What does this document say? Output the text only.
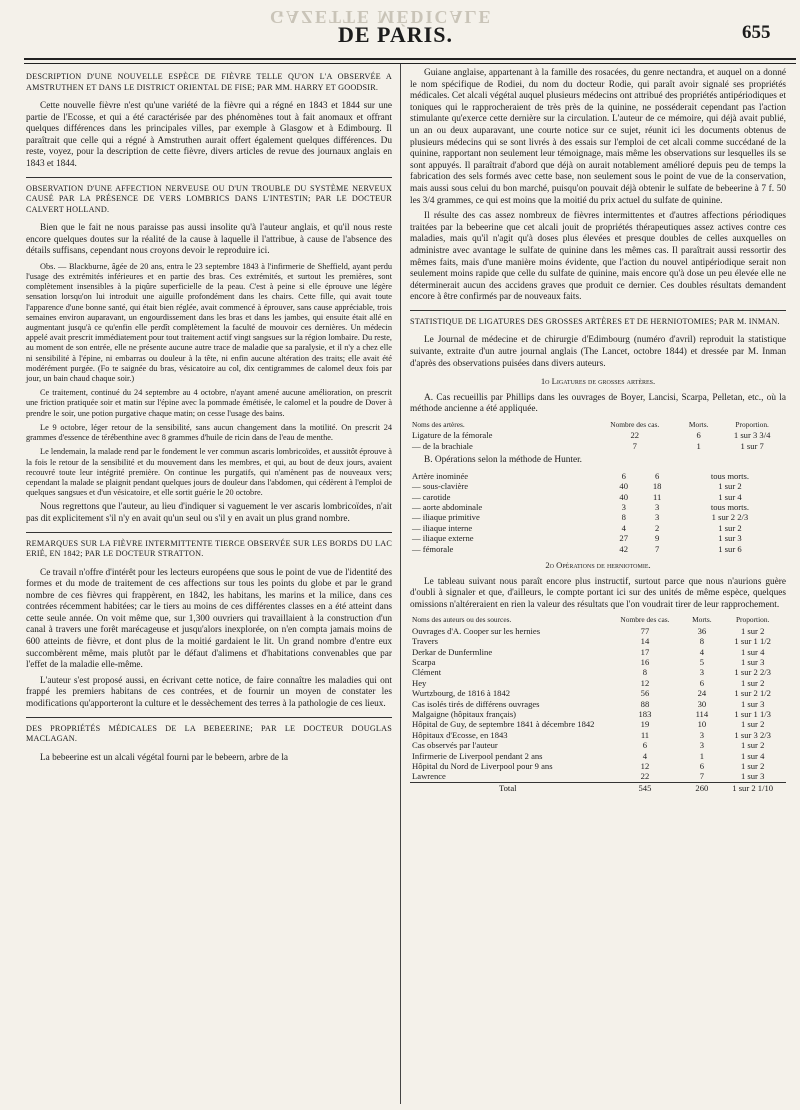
GAZETTE MÉDICALE
DE PARIS.	655
DESCRIPTION D'UNE NOUVELLE ESPÈCE DE FIÈVRE TELLE QU'ON L'A OBSERVÉE A AMSTRUTHEN ET DANS LE DISTRICT ORIENTAL DE FISE; PAR MM. HARRY ET GOODSIR.

Cette nouvelle fièvre n'est qu'une variété de la fièvre qui a régné en 1843 et 1844 sur une partie de l'Ecosse, et qui a été caractérisée par des phénomènes tout à fait anomaux et offrant quelques différences dans les principales villes, par exemple à Glasgow et à Edimbourg. Il paraîtrait que celle qui a régné à Amstruthen aurait offert également quelques différences. Du reste, voyez, pour la description de cette fièvre, divers articles de revue des journaux anglais en 1843 et 1844.

OBSERVATION D'UNE AFFECTION NERVEUSE OU D'UN TROUBLE DU SYSTÈME NERVEUX CAUSÉ PAR LA PRÉSENCE DE VERS LOMBRICS DANS L'INTESTIN; PAR LE DOCTEUR CALVERT HOLLAND.

Bien que le fait ne nous paraisse pas aussi insolite qu'à l'auteur anglais, et qu'il nous reste encore quelques doutes sur la réalité de la cause à laquelle il l'attribue, à cause de l'absence des détails suffisans, cependant nous croyons devoir le reproduire ici.

Obs. — Blackburne, âgée de 20 ans, entra le 23 septembre 1843 à l'infirmerie de Sheffield, ayant perdu l'usage des extrémités inférieures et en partie des bras. Ces extrémités, et surtout les premières, sont complètement insensibles à la piqûre superficielle de la peau. C'est à peine si elle éprouve une légère sensation lorsqu'on lui introduit une aiguille profondément dans les chairs. Cette fille, qui avait toute l'apparence d'une bonne santé, qui était bien réglée, avait commencé à éprouver, sans cause appréciable, trois semaines environ auparavant, un engourdissement dans les bras et dans les jambes, qui ensuite était allé en augmentant jusqu'à ce qu'enfin elle perdît complètement la faculté de mouvoir ces dernières. Un médecin appelé avait prescrit immédiatement pour tout traitement actif vingt sangsues sur la région lombaire. Du reste, au moment de son entrée, elle ne présente aucune autre trace de maladie que sa paralysie, et il n'y a chez elle ni sensibilité à l'épine, ni embarras ou douleur à la tête, ni enfin aucune altération des traits; elle avait été modérément purgée. (Fo te saignée du bras, vésicatoire au col, dix centigrammes de calomel deux fois par jour, un bain chaud chaque soir.)

Ce traitement, continué du 24 septembre au 4 octobre, n'ayant amené aucune amélioration, on prescrit une friction pratiquée soir et matin sur l'épine avec la pommade émétisée, le calomel et la poudre de Dover à prendre le soir, une potion purgative chaque matin; on cesse l'usage des bains.

Le 9 octobre, léger retour de la sensibilité, sans aucun changement dans la motilité. On prescrit 24 grammes d'essence de térébenthine avec 8 grammes d'huile de ricin dans de l'eau de menthe.

Le lendemain, la malade rend par le fondement le ver commun ascaris lombricoïdes, et aussitôt éprouve à la fois le retour de la sensibilité et du mouvement dans les membres, et qui, au bout de deux jours, avaient recouvré toute leur intégrité première. On continue les purgatifs, qui n'amènent pas de nouveaux vers; cependant la malade se plaignit pendant quelques jours de douleur dans l'abdomen, qui cédèrent à l'emploi de quelques sangsues et d'un vésicatoire, et elle sortit guérie le 20 octobre.

Nous regrettons que l'auteur, au lieu d'indiquer si vaguement le ver ascaris lombricoïdes, n'ait pas dit explicitement s'il n'y en avait qu'un seul ou s'il y en avait un plus grand nombre.

REMARQUES SUR LA FIÈVRE INTERMITTENTE TIERCE OBSERVÉE SUR LES BORDS DU LAC ERIÉ, EN 1842; PAR LE DOCTEUR STRATTON.

Ce travail n'offre d'intérêt pour les lecteurs européens que sous le point de vue de l'identité des formes et du mode de traitement de ces affections sur tous les points du globe et par le grand nombre de ces fièvres qui frappèrent, en 1842, les habitans, les marins et la milice, dans ces contrées récemment habitées; car le tiers au moins de ces différentes classes en a été atteint dans cette seule année. On voit même que, sur 1,300 ouvriers qui travaillaient à la construction d'un canal à travers une forêt marécageuse et jusqu'alors inexplorée, on n'en compta jamais moins de 600 atteints de fièvre, et dont plus de la moitié gardaient le lit. Un grand nombre d'entre eux succombèrent même, mais plutôt par le défaut d'alimens et d'habitations convenables que par l'effet de la maladie elle-même.

L'auteur s'est proposé aussi, en écrivant cette notice, de faire connaître les maladies qui ont frappé les premiers habitans de ces contrées, et de fournir un moyen de constater les modifications qu'apporteront la culture et le dessèchement des terres à la pathologie de ces lieux.

DES PROPRIÉTÉS MÉDICALES DE LA BEBEERINE; PAR LE DOCTEUR DOUGLAS MACLAGAN.

La bebeerine est un alcali végétal fourni par le bebeern, arbre de la

Guiane anglaise, appartenant à la famille des rosacées, du genre nectandra, et auquel on a donné le nom spécifique de Rodiei, du nom du docteur Rodie, qui paraît avoir signalé ses propriétés médicales. Cet alcali végétal auquel plusieurs médecins ont attribué des propriétés antipériodiques et toniques qui le rapprocheraient de très près de la quinine, ne posséderait cependant pas l'action stimulante qu'exerce cette dernière sur la circulation. L'auteur de ce mémoire, qui déjà avait publié, un an ou deux auparavant, une courte notice sur ce sujet, réunit ici les documents obtenus de plusieurs médecins qui se sont livrés à des essais sur l'emploi de cet alcali comme succédané de la quinine, rapportant non seulement leur témoignage, mais même les observations sur lesquelles ils se sont appuyés. Il paraîtrait d'abord que déjà on aurait notablement amélioré depuis peu de temps la fabrication des sels formés avec cette base, non seulement sous le point de vue de la conservation, mais aussi sous celui du bon marché, puisqu'on pouvait déjà obtenir le sulfate de bebeerine à 7 f. 50 les 3/4 grammes, ce qui est moins que la moitié du prix actuel du sulfate de quinine.

Il résulte des cas assez nombreux de fièvres intermittentes et d'autres affections périodiques traitées par la bebeerine que cet alcali jouit de propriétés thérapeutiques assez actives contre ces maladies, mais qu'il n'agit qu'à doses plus élevées et presque doubles de celles auxquelles on administre avec avantage le sulfate de quinine dans les mêmes cas. Il paraîtrait aussi ressortir des mêmes faits, mais d'une manière moins évidente, que l'action du nouvel antipériodique serait non seulement moins rapide que celle du sulfate de quinine, mais encore qu'à dose un peu élevée elle ne déterminerait aucun des accidens graves que produit ce dernier. Ces doubles résultats demandent encore à être confirmés par de nouveaux faits.

STATISTIQUE DE LIGATURES DES GROSSES ARTÈRES ET DE HERNIOTOMIES; PAR M. INMAN.

Le Journal de médecine et de chirurgie d'Edimbourg (numéro d'avril) reproduit la statistique suivante, extraite d'un autre journal anglais (The Lancet, octobre 1844) et dressée par M. Inman d'après des observations puisées dans divers auteurs.

1o Ligatures de grosses artères.

A. Cas recueillis par Phillips dans les ouvrages de Boyer, Lancisi, Scarpa, Pelletan, etc., où la méthode ancienne a été appliquée.

Noms des artères.	Nombre des cas.	Morts.	Proportion.
Ligature de la fémorale	22	6	1 sur 3 3/4
— de la brachiale	7	1	1 sur 7

B. Opérations selon la méthode de Hunter.

Artère inominée	6	6	tous morts.
— sous-clavière	40	18	1 sur 2
— carotide	40	11	1 sur 4
— aorte abdominale	3	3	tous morts.
— iliaque primitive	8	3	1 sur 2 2/3
— iliaque interne	4	2	1 sur 2
— iliaque externe	27	9	1 sur 3
— fémorale	42	7	1 sur 6
2o Opérations de herniotomie.

Le tableau suivant nous paraît encore plus instructif, surtout parce que nous n'aurions guère d'oubli à signaler et que, d'ailleurs, le compte portant ici sur des unités de même espèce, quelques omissions n'altéreraient en rien la valeur des résultats que l'on voudrait tirer de leur rapprochement.

Noms des auteurs ou des sources.	Nombre des cas.	Morts.	Proportion.
Ouvrages d'A. Cooper sur les hernies	77	36	1 sur 2
Travers	14	8	1 sur 1 1/2
Derkar de Dunfermline	17	4	1 sur 4
Scarpa	16	5	1 sur 3
Clément	8	3	1 sur 2 2/3
Hey	12	6	1 sur 2
Wurtzbourg, de 1816 à 1842	56	24	1 sur 2 1/2
Cas isolés tirés de différens ouvrages	88	30	1 sur 3
Malgaigne (hôpitaux français)	183	114	1 sur 1 1/3
Hôpital de Guy, de septembre 1841 à décembre 1842	19	10	1 sur 2
Hôpitaux d'Ecosse, en 1843	11	3	1 sur 3 2/3
Cas observés par l'auteur	6	3	1 sur 2
Infirmerie de Liverpool pendant 2 ans	4	1	1 sur 4
Hôpital du Nord de Liverpool pour 9 ans	12	6	1 sur 2
Lawrence	22	7	1 sur 3
Total	545	260	1 sur 2 1/10
